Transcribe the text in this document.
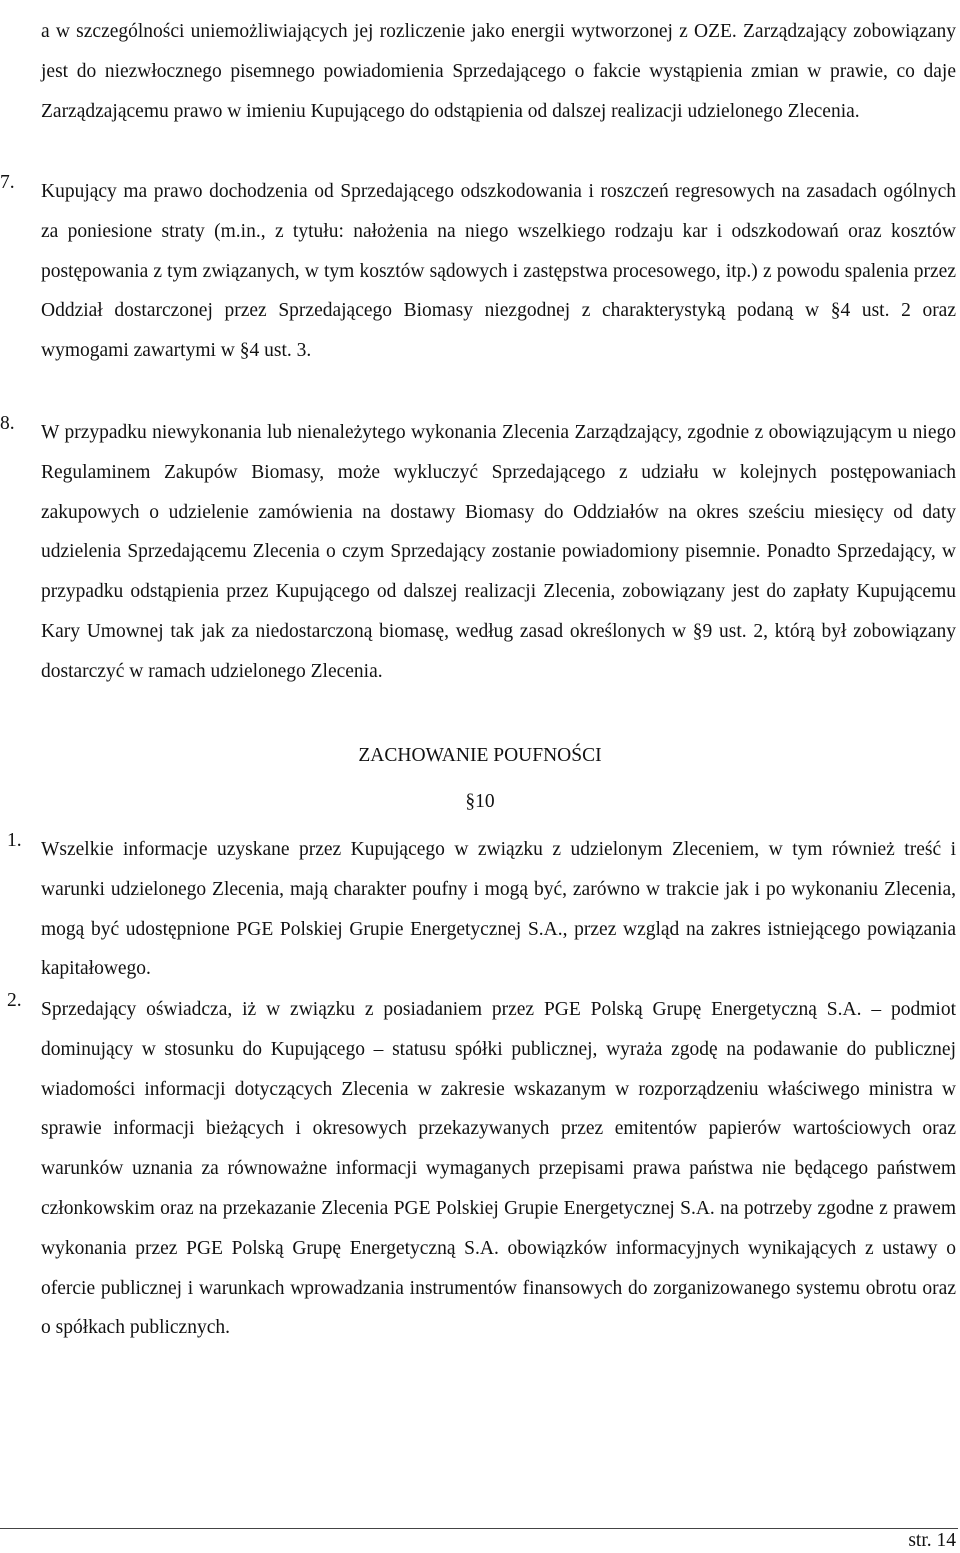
a w szczególności uniemożliwiających jej rozliczenie jako energii wytworzonej z OZE. Zarządzający zobowiązany jest do niezwłocznego pisemnego powiadomienia Sprzedającego o fakcie wystąpienia zmian w prawie, co daje Zarządzającemu prawo w imieniu Kupującego do odstąpienia od dalszej realizacji udzielonego Zlecenia.
7.	Kupujący ma prawo dochodzenia od Sprzedającego odszkodowania i roszczeń regresowych na zasadach ogólnych za poniesione straty (m.in., z tytułu: nałożenia na niego wszelkiego rodzaju kar i odszkodowań oraz kosztów postępowania z tym związanych, w tym kosztów sądowych i zastępstwa procesowego, itp.) z powodu spalenia przez Oddział dostarczonej przez Sprzedającego Biomasy niezgodnej z charakterystyką podaną w §4 ust. 2 oraz wymogami zawartymi w §4 ust. 3.
8.	W przypadku niewykonania lub nienależytego wykonania Zlecenia Zarządzający, zgodnie z obowiązującym u niego Regulaminem Zakupów Biomasy, może wykluczyć Sprzedającego z udziału w kolejnych postępowaniach zakupowych o udzielenie zamówienia na dostawy Biomasy do Oddziałów na okres sześciu miesięcy od daty udzielenia Sprzedającemu Zlecenia o czym Sprzedający zostanie powiadomiony pisemnie. Ponadto Sprzedający, w przypadku odstąpienia przez Kupującego od dalszej realizacji Zlecenia, zobowiązany jest do zapłaty Kupującemu Kary Umownej tak jak za niedostarczoną biomasę, według zasad określonych w §9 ust. 2, którą był zobowiązany dostarczyć w ramach udzielonego Zlecenia.
ZACHOWANIE POUFNOŚCI
§10
1. Wszelkie informacje uzyskane przez Kupującego w związku z udzielonym Zleceniem, w tym również treść i warunki udzielonego Zlecenia, mają charakter poufny i mogą być, zarówno w trakcie jak i po wykonaniu Zlecenia, mogą być udostępnione PGE Polskiej Grupie Energetycznej S.A., przez wzgląd na zakres istniejącego powiązania kapitałowego.
2. Sprzedający oświadcza, iż w związku z posiadaniem przez PGE Polską Grupę Energetyczną S.A. – podmiot dominujący w stosunku do Kupującego – statusu spółki publicznej, wyraża zgodę na podawanie do publicznej wiadomości informacji dotyczących Zlecenia w zakresie wskazanym w rozporządzeniu właściwego ministra w sprawie informacji bieżących i okresowych przekazywanych przez emitentów papierów wartościowych oraz warunków uznania za równoważne informacji wymaganych przepisami prawa państwa nie będącego państwem członkowskim oraz na przekazanie Zlecenia PGE Polskiej Grupie Energetycznej S.A. na potrzeby zgodne z prawem wykonania przez PGE Polską Grupę Energetyczną S.A. obowiązków informacyjnych wynikających z ustawy o ofercie publicznej i warunkach wprowadzania instrumentów finansowych do zorganizowanego systemu obrotu oraz o spółkach publicznych.
str. 14
